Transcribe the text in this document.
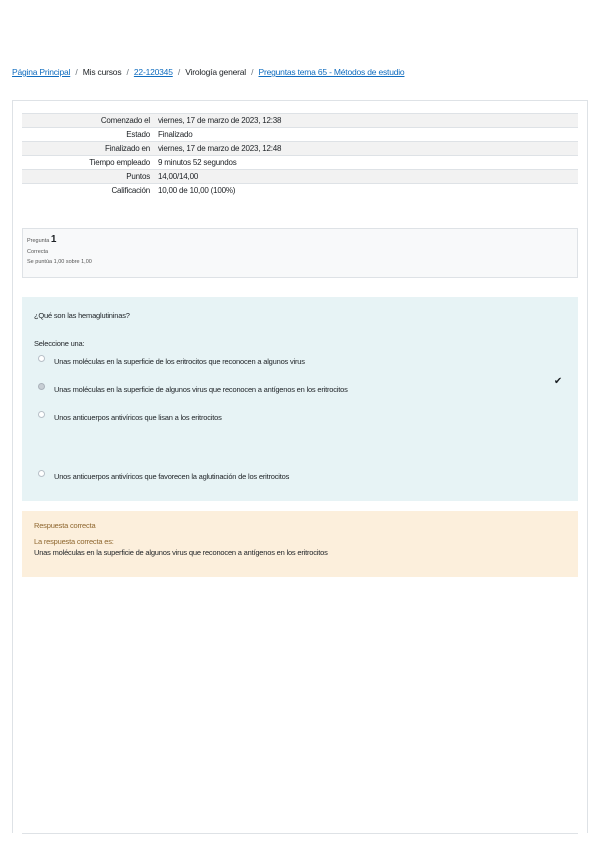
Página Principal / Mis cursos / 22-120345 / Virología general / Preguntas tema 65 - Métodos de estudio
Comenzado el	viernes, 17 de marzo de 2023, 12:38
Estado	Finalizado
Finalizado en	viernes, 17 de marzo de 2023, 12:48
Tiempo empleado	9 minutos 52 segundos
Puntos	14,00/14,00
Calificación	10,00 de 10,00 (100%)
Pregunta 1
Correcta
Se puntúa 1,00 sobre 1,00
¿Qué son las hemaglutininas?
Seleccione una:
Unas moléculas en la superficie de los eritrocitos que reconocen a algunos virus
Unas moléculas en la superficie de algunos virus que reconocen a antígenos en los eritrocitos
Unos anticuerpos antivíricos que lisan a los eritrocitos
Unos anticuerpos antivíricos que favorecen la aglutinación de los eritrocitos
✔
Respuesta correcta
La respuesta correcta es:
Unas moléculas en la superficie de algunos virus que reconocen a antígenos en los eritrocitos
